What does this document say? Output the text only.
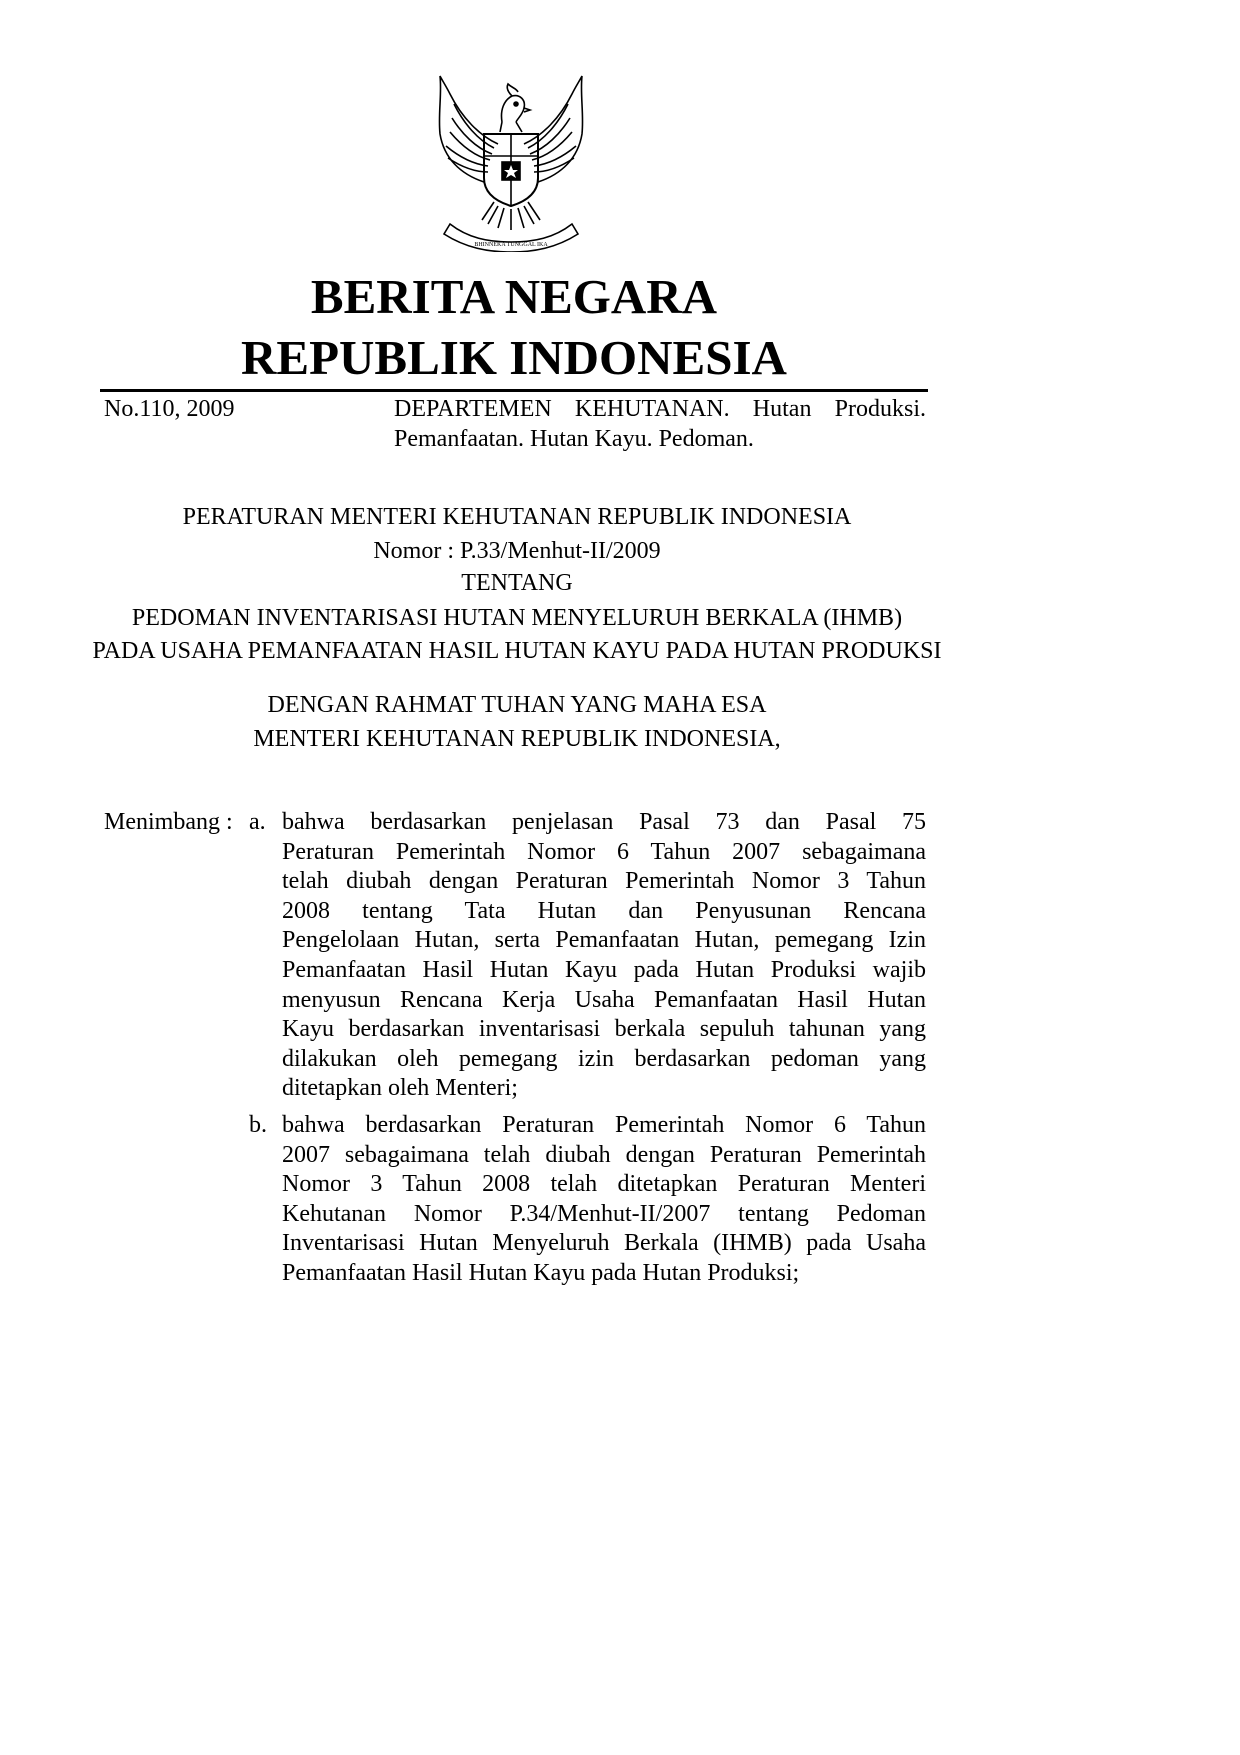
BHINNEKA TUNGGAL IKA
BERITA NEGARA
REPUBLIK INDONESIA
No.110, 2009	DEPARTEMEN KEHUTANAN. Hutan Produksi.
Pemanfaatan. Hutan Kayu. Pedoman.
PERATURAN MENTERI KEHUTANAN REPUBLIK INDONESIA
Nomor : P.33/Menhut-II/2009
TENTANG
PEDOMAN INVENTARISASI HUTAN MENYELURUH BERKALA (IHMB)
PADA USAHA PEMANFAATAN HASIL HUTAN KAYU PADA HUTAN PRODUKSI
DENGAN RAHMAT TUHAN YANG MAHA ESA
MENTERI KEHUTANAN REPUBLIK INDONESIA,
Menimbang : a. bahwa berdasarkan penjelasan Pasal 73 dan Pasal 75
Peraturan Pemerintah Nomor 6 Tahun 2007 sebagaimana
telah diubah dengan Peraturan Pemerintah Nomor 3 Tahun
2008 tentang Tata Hutan dan Penyusunan Rencana
Pengelolaan Hutan, serta Pemanfaatan Hutan, pemegang Izin
Pemanfaatan Hasil Hutan Kayu pada Hutan Produksi wajib
menyusun Rencana Kerja Usaha Pemanfaatan Hasil Hutan
Kayu berdasarkan inventarisasi berkala sepuluh tahunan yang
dilakukan oleh pemegang izin berdasarkan pedoman yang
ditetapkan oleh Menteri;
b. bahwa berdasarkan Peraturan Pemerintah Nomor 6 Tahun
2007 sebagaimana telah diubah dengan Peraturan Pemerintah
Nomor 3 Tahun 2008 telah ditetapkan Peraturan Menteri
Kehutanan Nomor P.34/Menhut-II/2007 tentang Pedoman
Inventarisasi Hutan Menyeluruh Berkala (IHMB) pada Usaha
Pemanfaatan Hasil Hutan Kayu pada Hutan Produksi;
